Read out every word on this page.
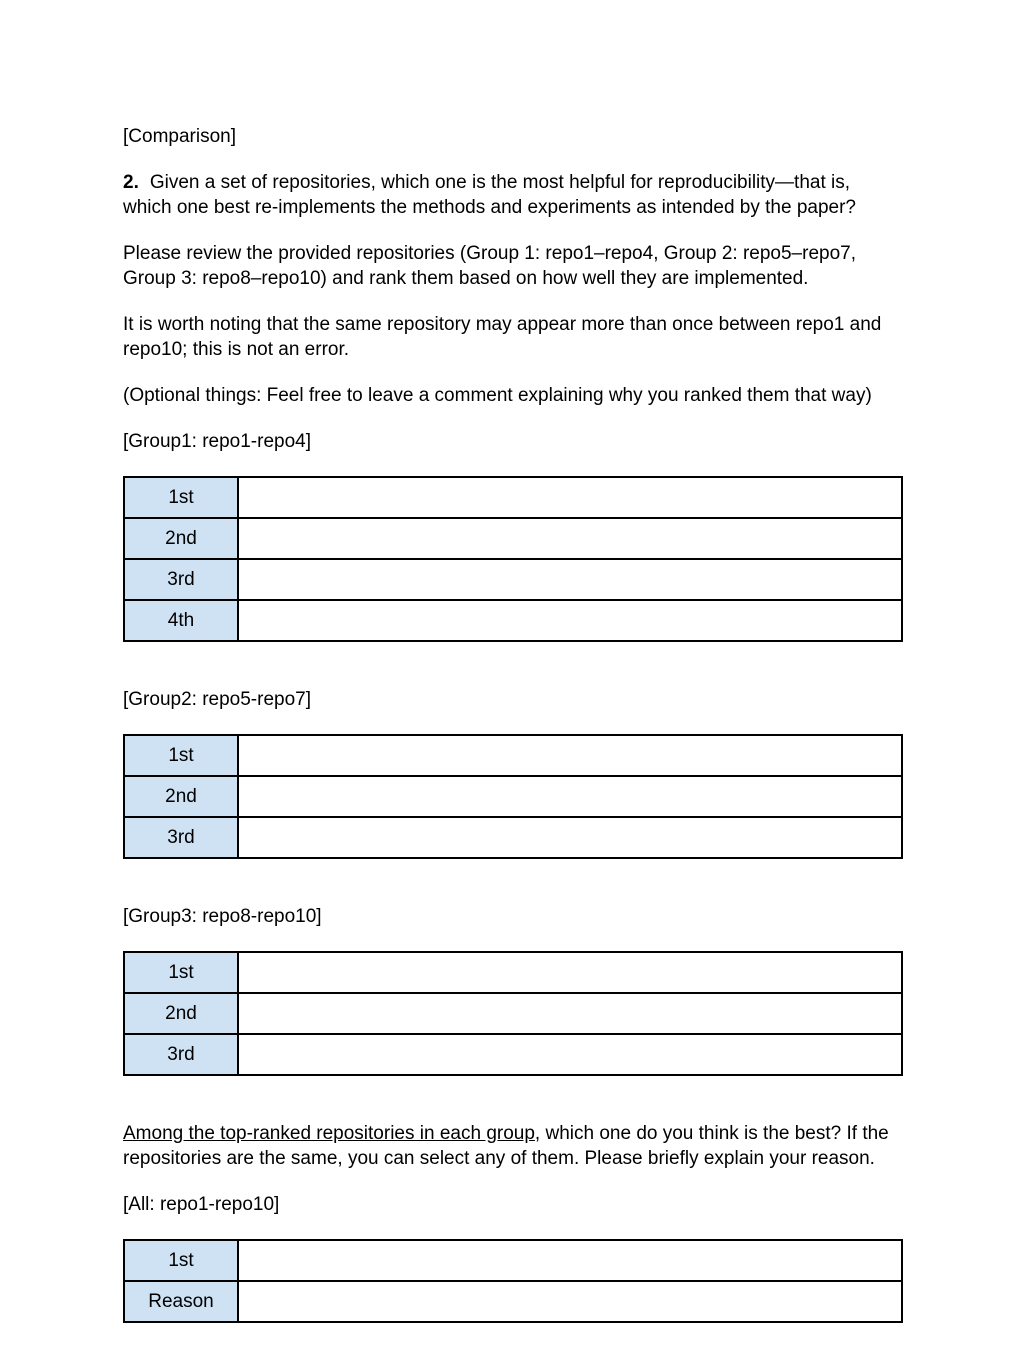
[Comparison]

2. Given a set of repositories, which one is the most helpful for reproducibility—that is, which one best re-implements the methods and experiments as intended by the paper?

Please review the provided repositories (Group 1: repo1–repo4, Group 2: repo5–repo7, Group 3: repo8–repo10) and rank them based on how well they are implemented.

It is worth noting that the same repository may appear more than once between repo1 and repo10; this is not an error.

(Optional things: Feel free to leave a comment explaining why you ranked them that way)

[Group1: repo1-repo4]

1st	
2nd	
3rd	
4th	

[Group2: repo5-repo7]

1st	
2nd	
3rd	

[Group3: repo8-repo10]

1st	
2nd	
3rd	

Among the top-ranked repositories in each group, which one do you think is the best? If the repositories are the same, you can select any of them. Please briefly explain your reason.

[All: repo1-repo10]

1st	
Reason	
